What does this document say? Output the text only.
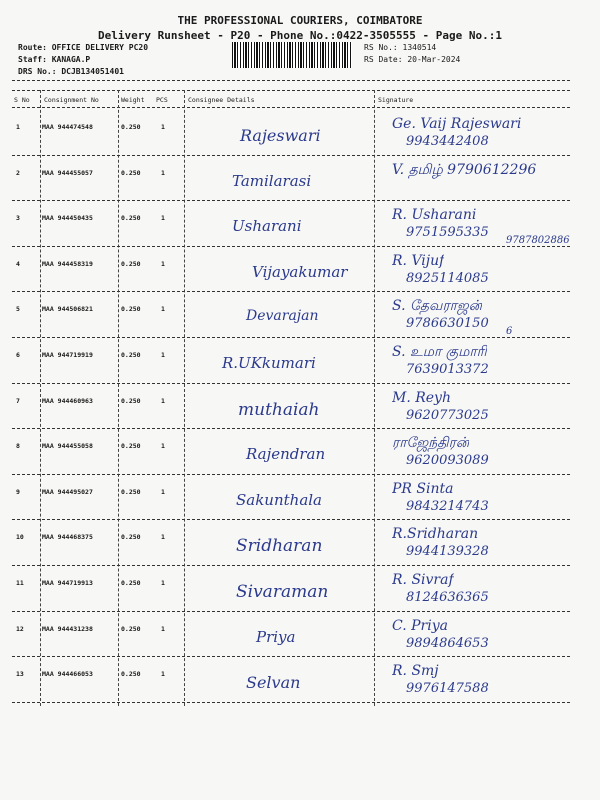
THE PROFESSIONAL COURIERS, COIMBATORE
Delivery Runsheet - P20 - Phone No.:0422-3505555 - Page No.:1
Route: OFFICE DELIVERY PC20
Staff: KANAGA.P
DRS No.: DCJB134051401
RS No.: 1340514
RS Date: 20-Mar-2024
S No Consignment No	Weight PCS	Consignee Details	Signature
1	MAA 944474548	0.250	1	Rajeswari
Ge. Vaij Rajeswari
9943442408
2	MAA 944455057	0.250	1	Tamilarasi
V. தமிழ் 9790612296
3	MAA 944450435	0.250	1	Usharani
R. Usharani
9751595335
9787802886
4	MAA 944458319	0.250	1	Vijayakumar
R. Vijuf
8925114085
5	MAA 944506821	0.250	1	Devarajan
S. தேவராஜன்
9786630150
6
6	MAA 944719919	0.250	1	R.UKkumari
S. உமா குமாரி
7639013372
7	MAA 944460963	0.250	1	muthaiah
M. Reyh
9620773025
8	MAA 944455058	0.250	1	Rajendran
ராஜேந்திரன்
9620093089
9	MAA 944495027	0.250	1	Sakunthala
PR Sinta
9843214743
10	MAA 944468375	0.250	1	Sridharan
R.Sridharan
9944139328
11	MAA 944719913	0.250	1	Sivaraman
R. Sivraf
8124636365
12	MAA 944431238	0.250	1	Priya
C. Priya
9894864653
13	MAA 944466053	0.250	1	Selvan
R. Smj
9976147588
